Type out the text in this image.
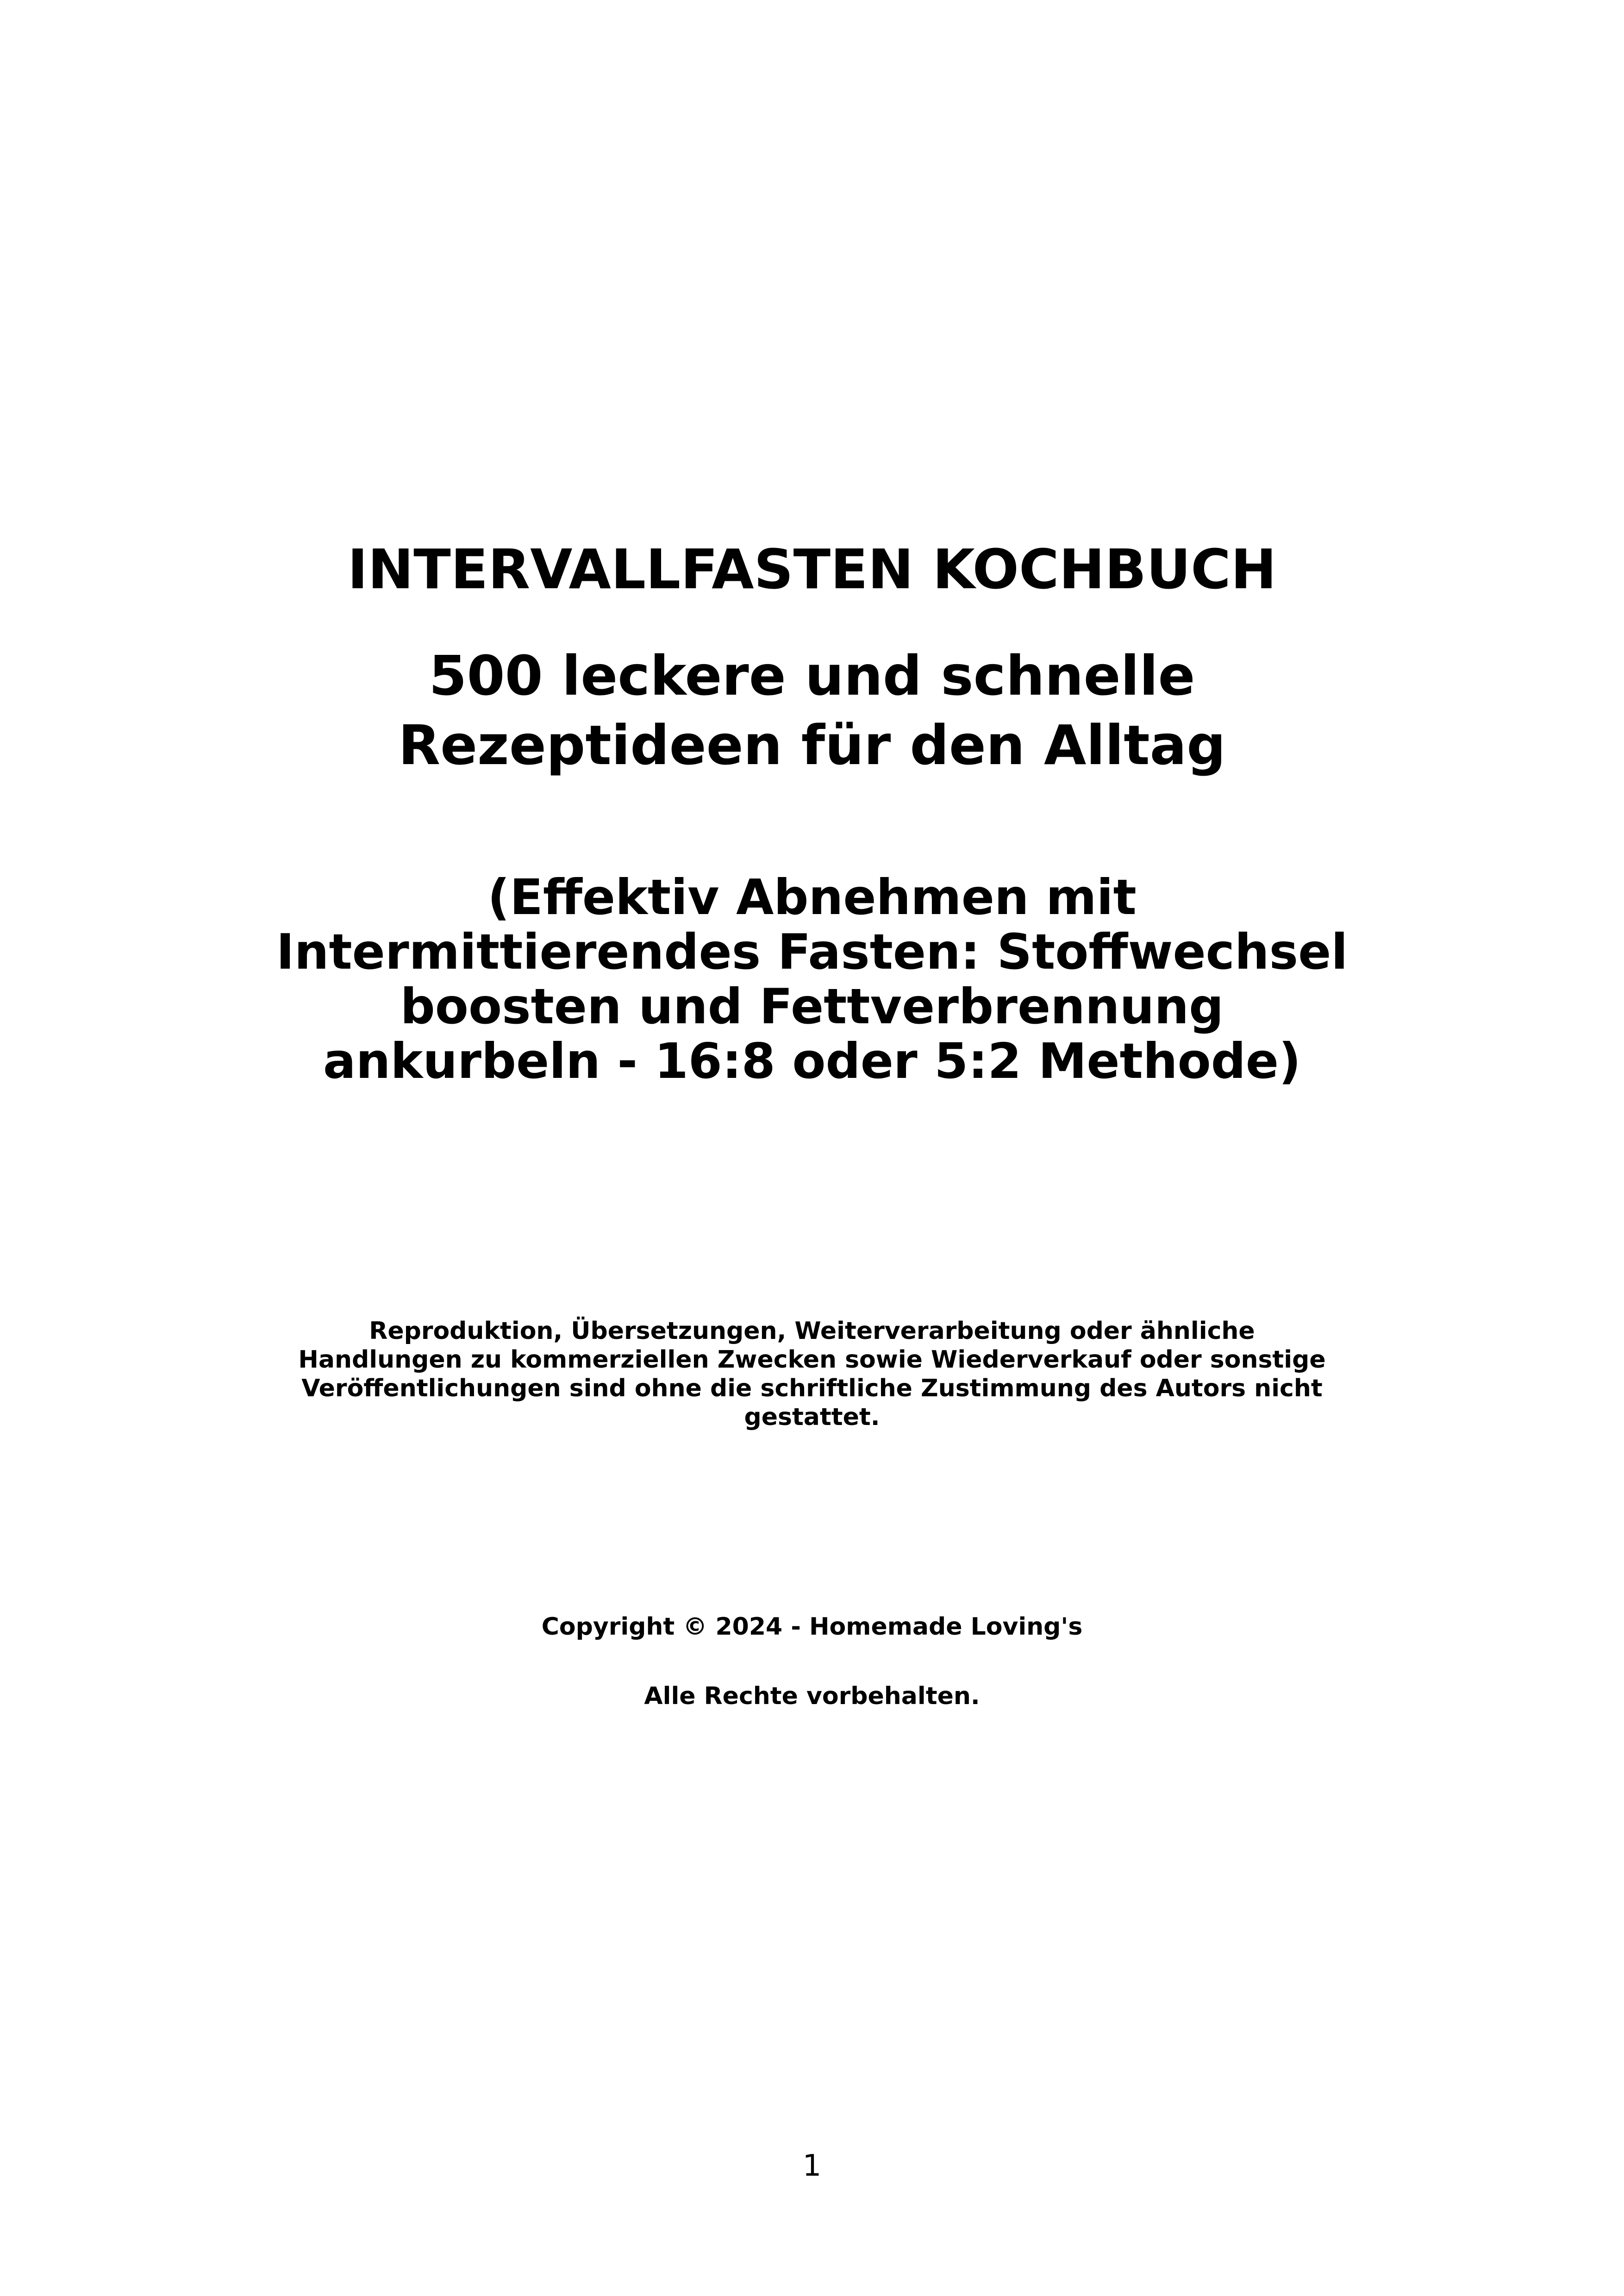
INTERVALLFASTEN KOCHBUCH
500 leckere und schnelle
Rezeptideen für den Alltag
(Effektiv Abnehmen mit
Intermittierendes Fasten: Stoffwechsel
boosten und Fettverbrennung
ankurbeln - 16:8 oder 5:2 Methode)

Reproduktion, Übersetzungen, Weiterverarbeitung oder ähnliche
Handlungen zu kommerziellen Zwecken sowie Wiederverkauf oder sonstige
Veröffentlichungen sind ohne die schriftliche Zustimmung des Autors nicht
gestattet.

Copyright © 2024 - Homemade Loving's

Alle Rechte vorbehalten.

1
